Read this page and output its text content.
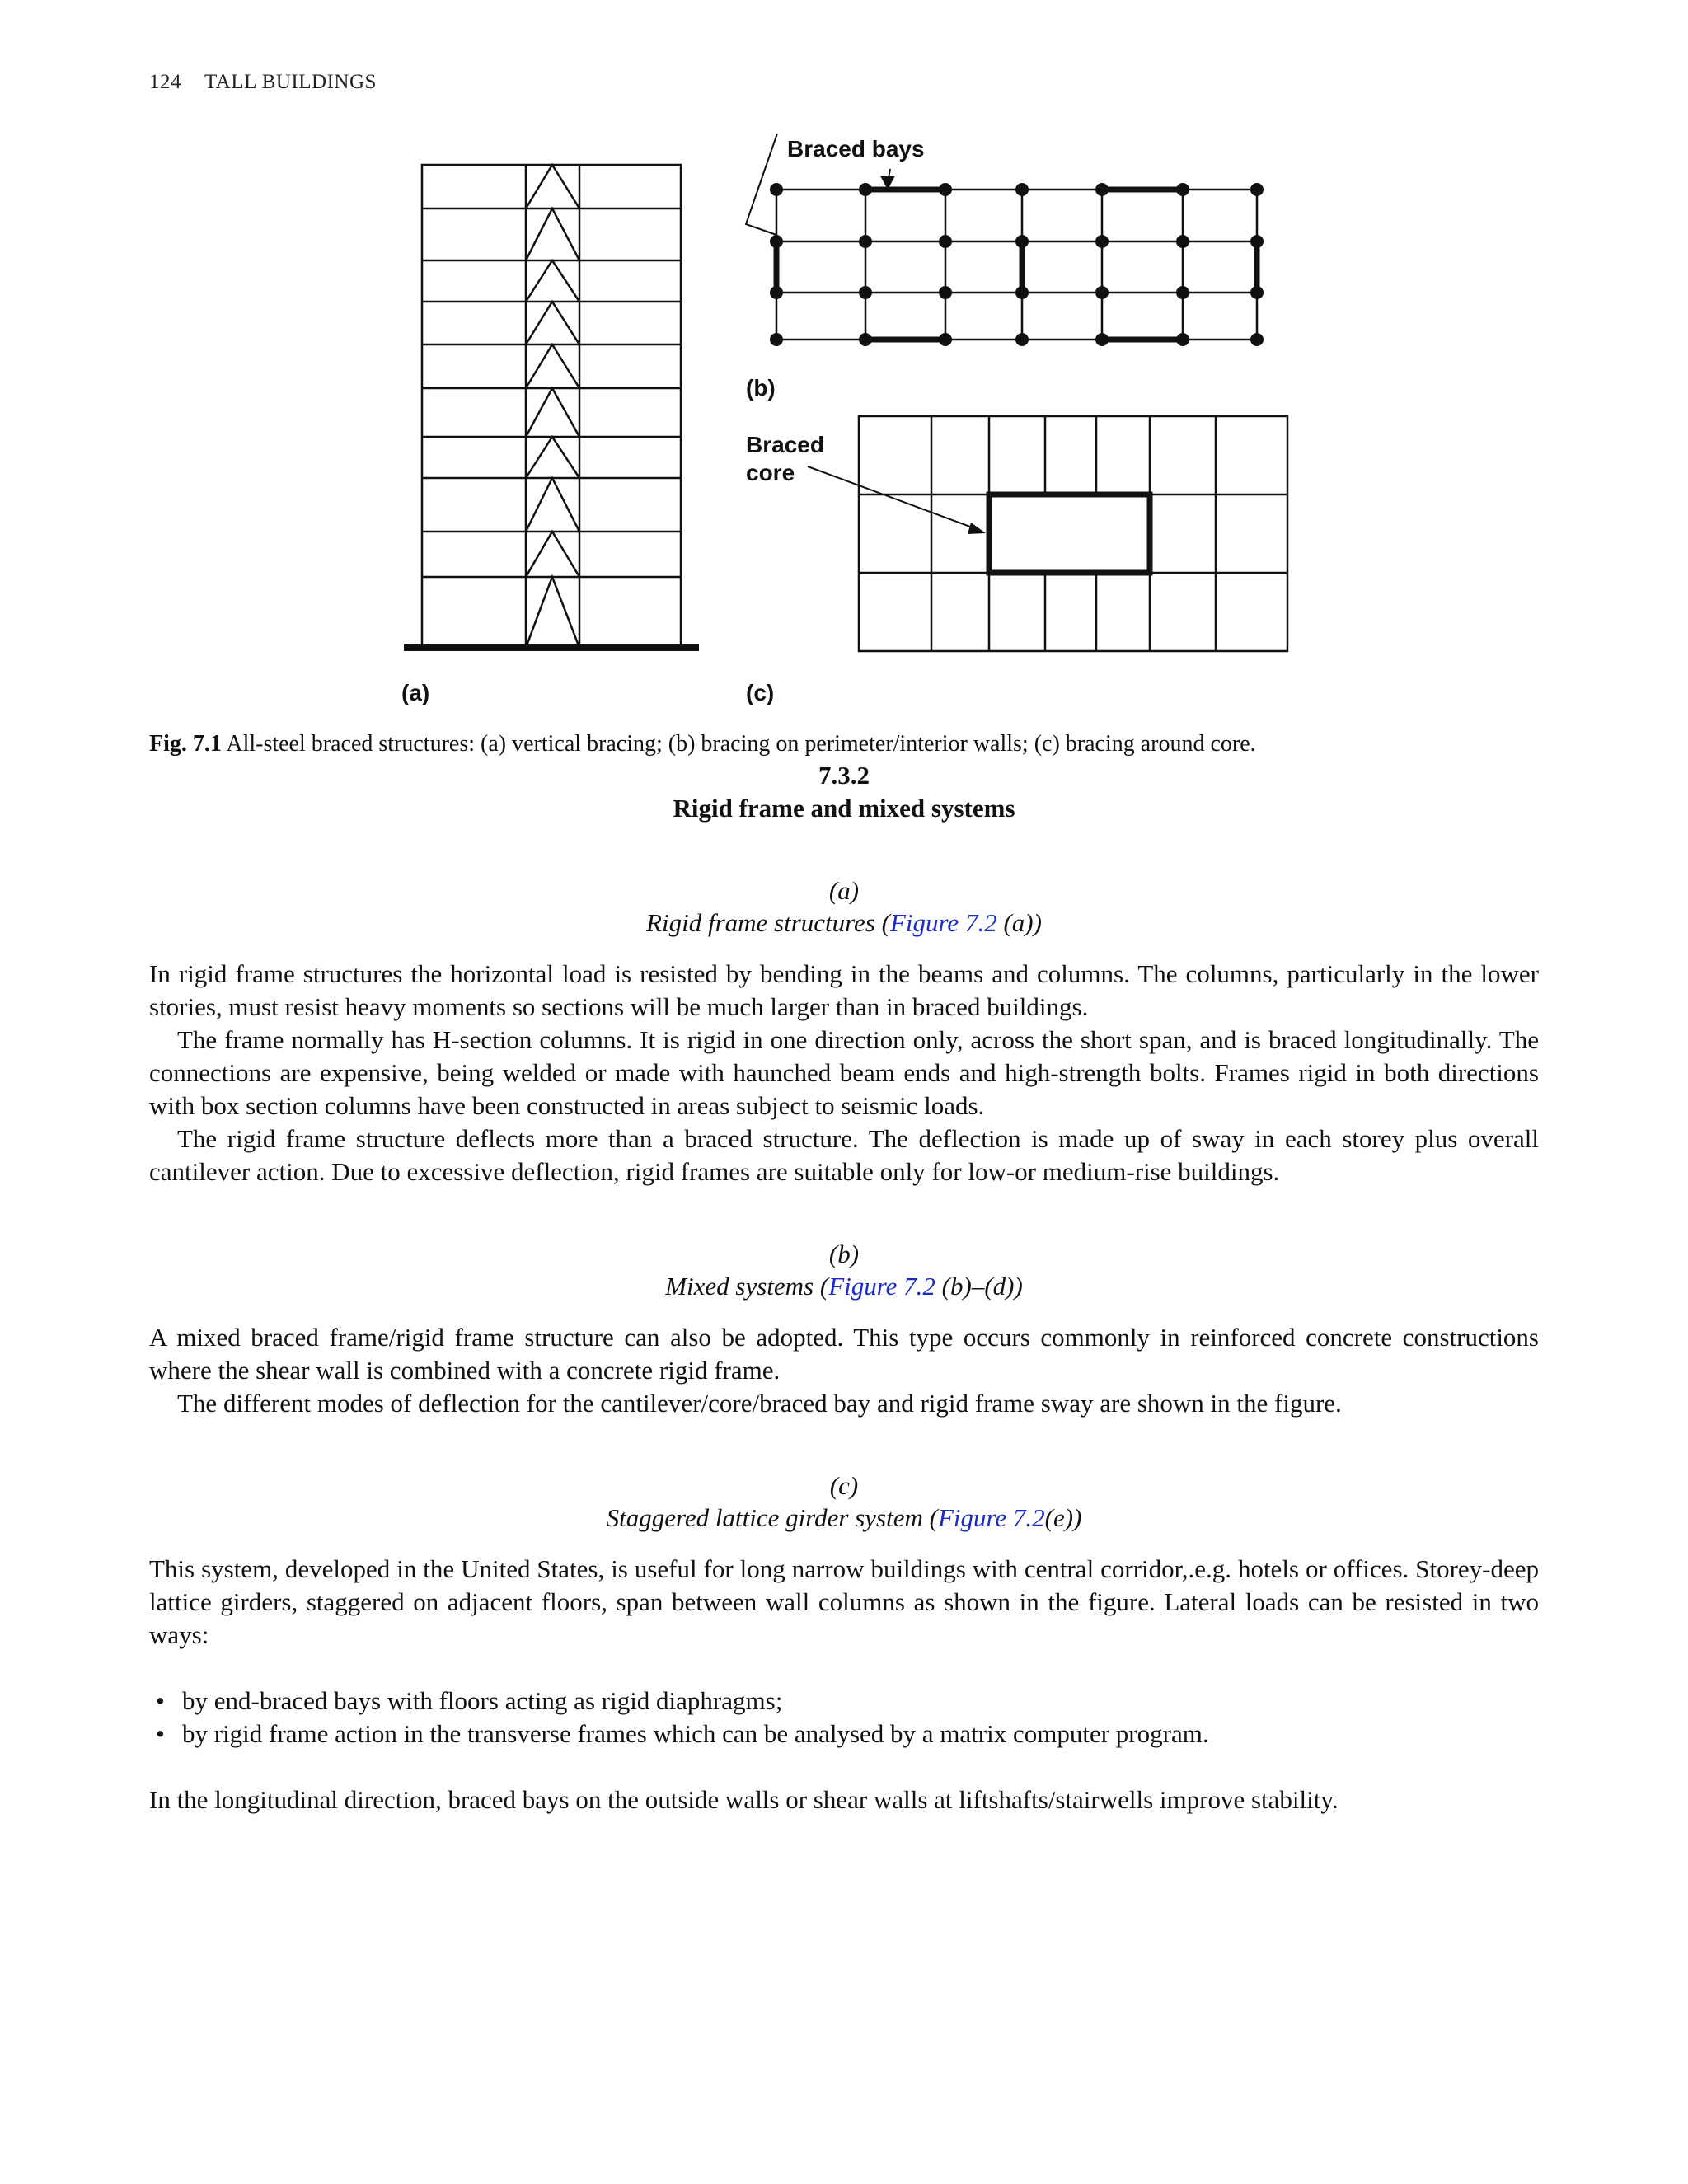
124 TALL BUILDINGS
(a)
Braced bays
(b)
Braced
core
(c)
Fig. 7.1 All-steel braced structures: (a) vertical bracing; (b) bracing on perimeter/interior walls; (c) bracing around core.
7.3.2
Rigid frame and mixed systems
(a)
Rigid frame structures (Figure 7.2 (a))

In rigid frame structures the horizontal load is resisted by bending in the beams and columns. The columns, particularly in the lower stories, must resist heavy moments so sections will be much larger than in braced buildings.

The frame normally has H-section columns. It is rigid in one direction only, across the short span, and is braced longitudinally. The connections are expensive, being welded or made with haunched beam ends and high-strength bolts. Frames rigid in both directions with box section columns have been constructed in areas subject to seismic loads.

The rigid frame structure deflects more than a braced structure. The deflection is made up of sway in each storey plus overall cantilever action. Due to excessive deflection, rigid frames are suitable only for low-or medium-rise buildings.

(b)
Mixed systems (Figure 7.2 (b)–(d))

A mixed braced frame/rigid frame structure can also be adopted. This type occurs commonly in reinforced concrete constructions where the shear wall is combined with a concrete rigid frame.

The different modes of deflection for the cantilever/core/braced bay and rigid frame sway are shown in the figure.

(c)
Staggered lattice girder system (Figure 7.2(e))

This system, developed in the United States, is useful for long narrow buildings with central corridor,.e.g. hotels or offices. Storey-deep lattice girders, staggered on adjacent floors, span between wall columns as shown in the figure. Lateral loads can be resisted in two ways:

• by end-braced bays with floors acting as rigid diaphragms;
• by rigid frame action in the transverse frames which can be analysed by a matrix computer program.

In the longitudinal direction, braced bays on the outside walls or shear walls at liftshafts/stairwells improve stability.
